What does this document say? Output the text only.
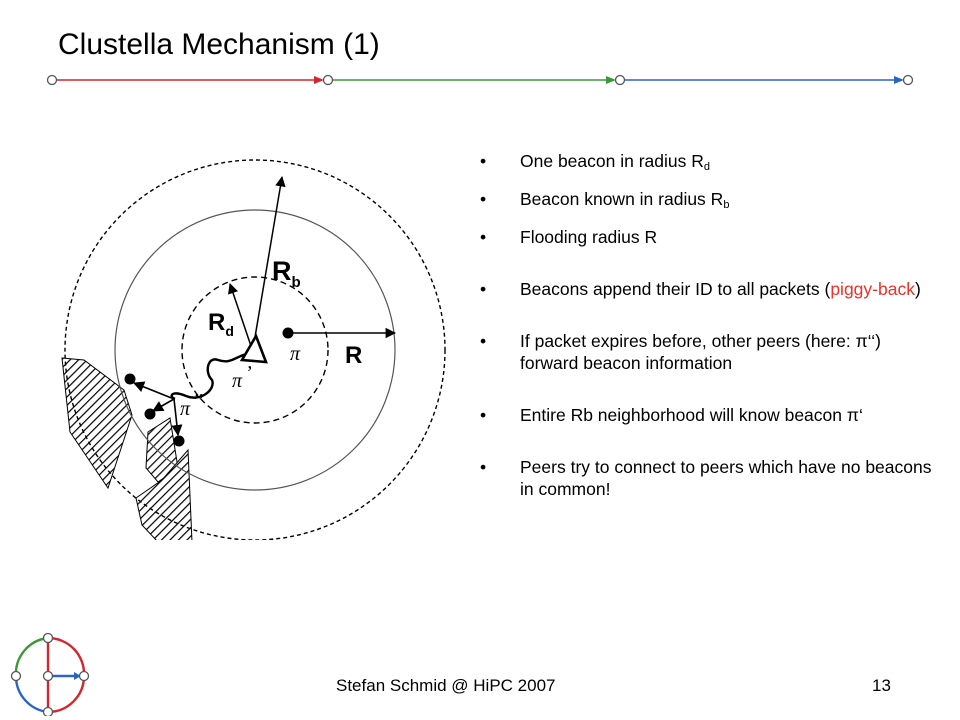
Clustella Mechanism (1)
$R_b$
$R_d$
R
π
π ’
π ’’
• One beacon in radius $R_d$
• Beacon known in radius $R_b$
• Flooding radius R
• Beacons append their ID to all packets (piggy-back)
• If packet expires before, other peers (here: π‘‘) forward beacon information
• Entire Rb neighborhood will know beacon π‘
• Peers try to connect to peers which have no beacons in common!
Stefan Schmid @ HiPC 2007	13
